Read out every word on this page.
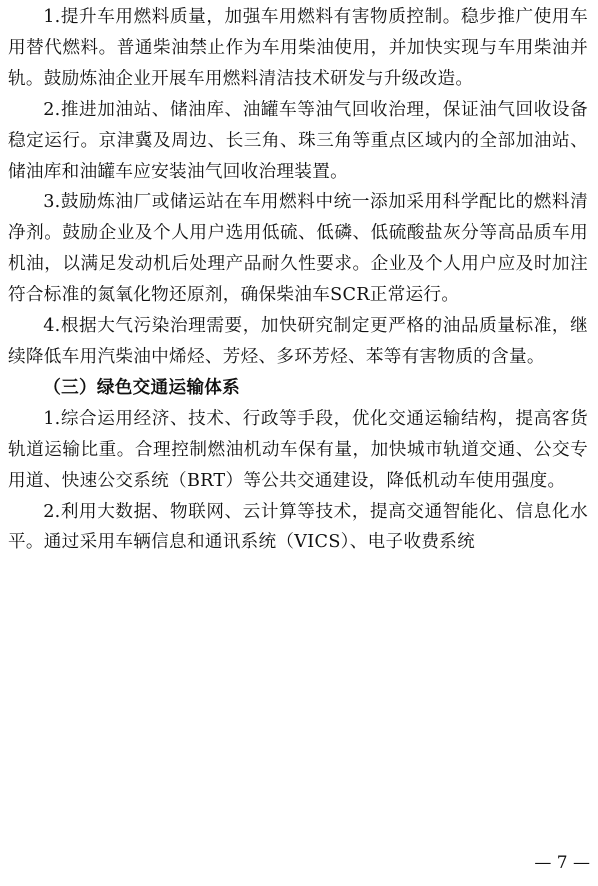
1.提升车用燃料质量，加强车用燃料有害物质控制。稳步推广使用车用替代燃料。普通柴油禁止作为车用柴油使用，并加快实现与车用柴油并轨。鼓励炼油企业开展车用燃料清洁技术研发与升级改造。

2.推进加油站、储油库、油罐车等油气回收治理，保证油气回收设备稳定运行。京津冀及周边、长三角、珠三角等重点区域内的全部加油站、储油库和油罐车应安装油气回收治理装置。

3.鼓励炼油厂或储运站在车用燃料中统一添加采用科学配比的燃料清净剂。鼓励企业及个人用户选用低硫、低磷、低硫酸盐灰分等高品质车用机油，以满足发动机后处理产品耐久性要求。企业及个人用户应及时加注符合标准的氮氧化物还原剂，确保柴油车SCR正常运行。

4.根据大气污染治理需要，加快研究制定更严格的油品质量标准，继续降低车用汽柴油中烯烃、芳烃、多环芳烃、苯等有害物质的含量。

（三）绿色交通运输体系

1.综合运用经济、技术、行政等手段，优化交通运输结构，提高客货轨道运输比重。合理控制燃油机动车保有量，加快城市轨道交通、公交专用道、快速公交系统（BRT）等公共交通建设，降低机动车使用强度。

2.利用大数据、物联网、云计算等技术，提高交通智能化、信息化水平。通过采用车辆信息和通讯系统（VICS）、电子收费系统

— 7 —
